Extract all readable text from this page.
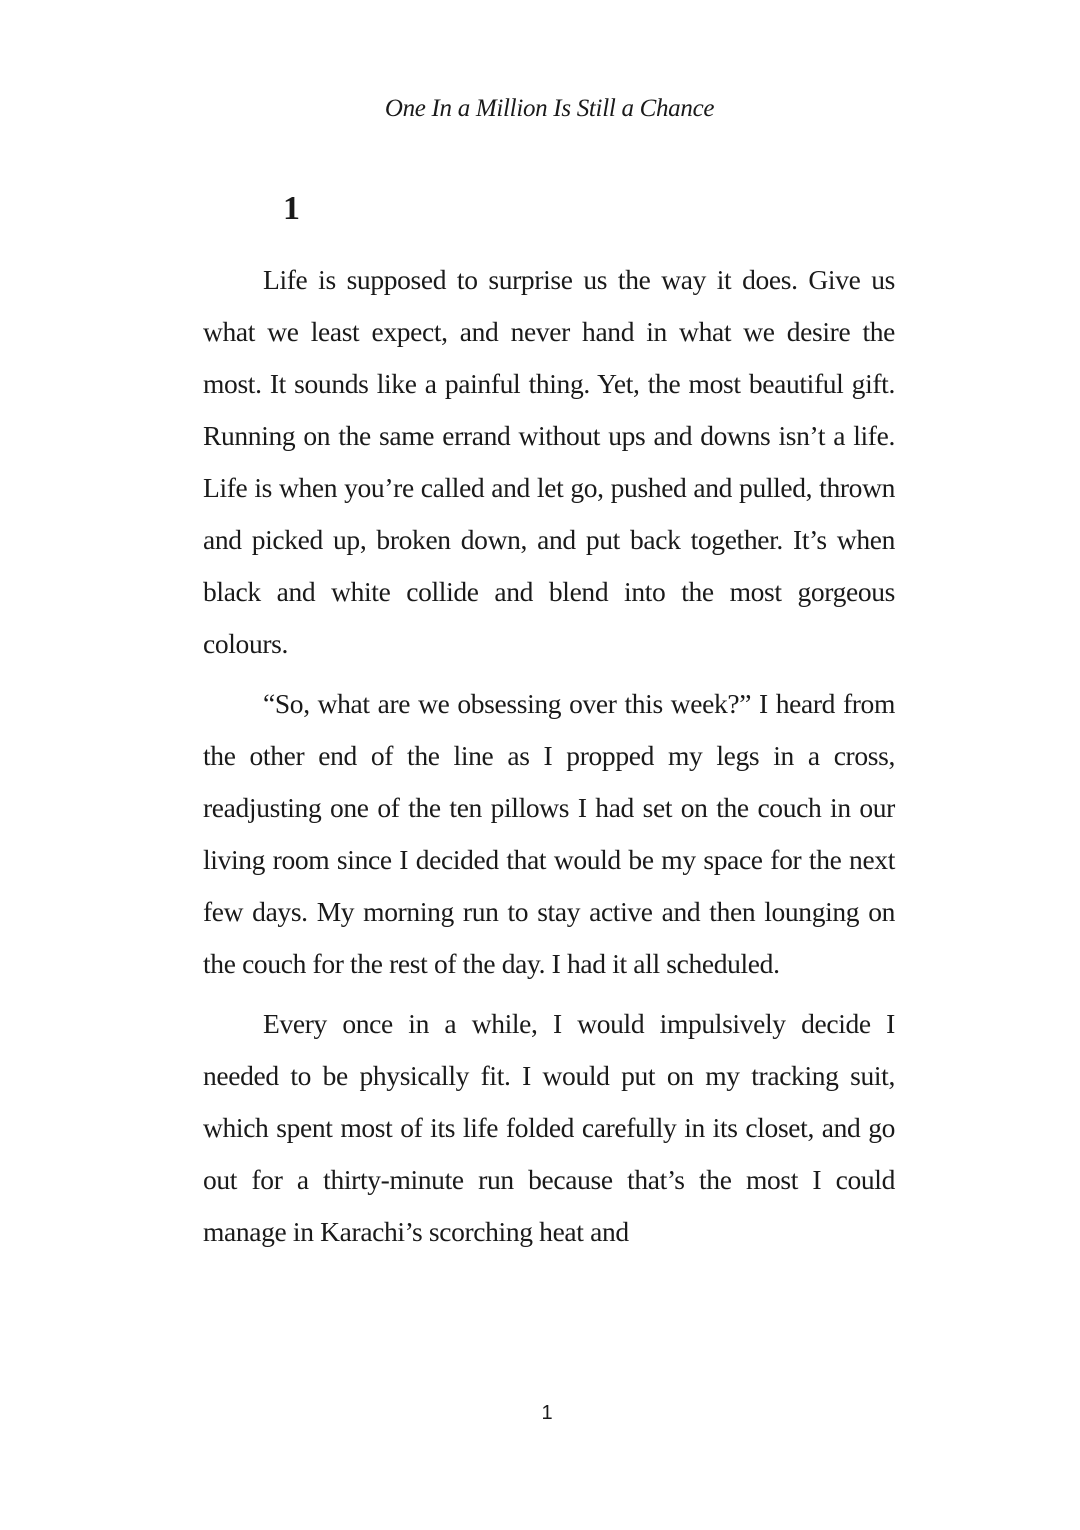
One In a Million Is Still a Chance
1

Life is supposed to surprise us the way it does. Give us what we least expect, and never hand in what we desire the most. It sounds like a painful thing. Yet, the most beautiful gift. Running on the same errand without ups and downs isn’t a life. Life is when you’re called and let go, pushed and pulled, thrown and picked up, broken down, and put back together. It’s when black and white collide and blend into the most gorgeous colours.

“So, what are we obsessing over this week?” I heard from the other end of the line as I propped my legs in a cross, readjusting one of the ten pillows I had set on the couch in our living room since I decided that would be my space for the next few days. My morning run to stay active and then lounging on the couch for the rest of the day. I had it all scheduled.

Every once in a while, I would impulsively decide I needed to be physically fit. I would put on my tracking suit, which spent most of its life folded carefully in its closet, and go out for a thirty-minute run because that’s the most I could manage in Karachi’s scorching heat and

1
